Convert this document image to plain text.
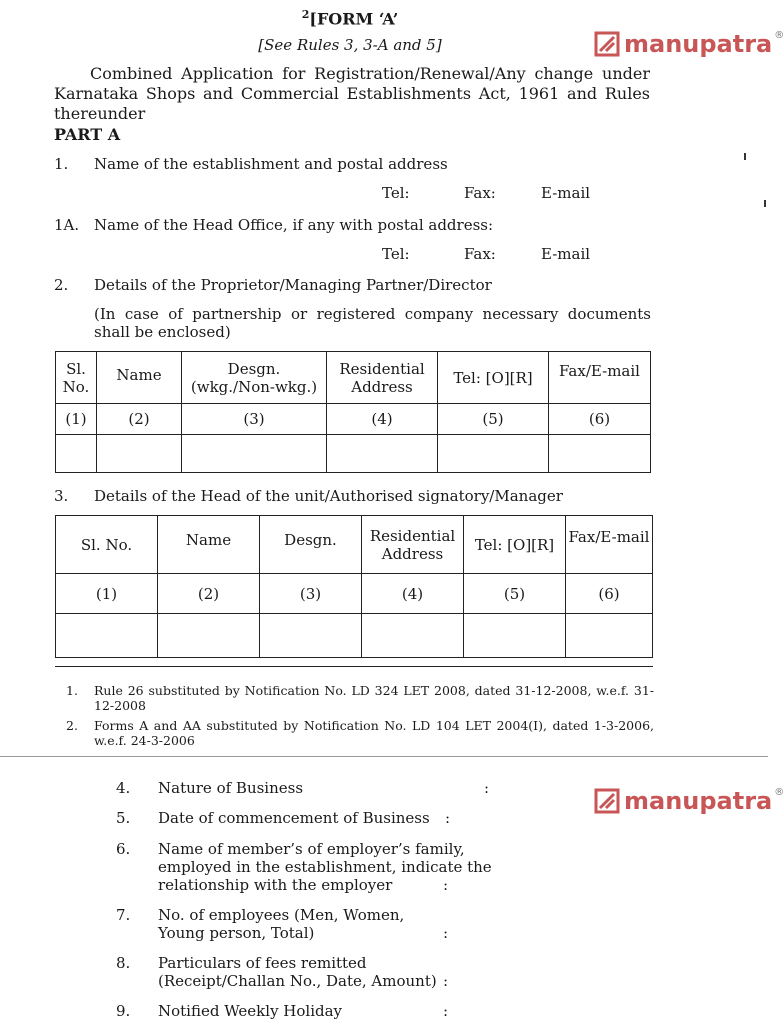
$^2$[FORM ‘A’
[See Rules 3, 3-A and 5]	manupatra ®
Combined Application for Registration/Renewal/Any change under Karnataka Shops and Commercial Establishments Act, 1961 and Rules thereunder
PART A
1. Name of the establishment and postal address
Tel:	Fax:	E-mail
1A. Name of the Head Office, if any with postal address:
Tel:	Fax:	E-mail
2. Details of the Proprietor/Managing Partner/Director
(In case of partnership or registered company necessary documents shall be enclosed)
Sl. No.	Name	Desgn. (wkg./Non-wkg.)	Residential Address	Tel: [O][R]	Fax/E-mail
(1)	(2)	(3)	(4)	(5)	(6)

3. Details of the Head of the unit/Authorised signatory/Manager
Sl. No.	Name	Desgn.	Residential Address	Tel: [O][R]	Fax/E-mail
(1)	(2)	(3)	(4)	(5)	(6)

1. Rule 26 substituted by Notification No. LD 324 LET 2008, dated 31-12-2008, w.e.f. 31-12-2008
2. Forms A and AA substituted by Notification No. LD 104 LET 2004(I), dated 1-3-2006, w.e.f. 24-3-2006
manupatra ®
4. Nature of Business	:
5. Date of commencement of Business :
6. Name of member’s of employer’s family, employed in the establishment, indicate the relationship with the employer	:
7. No. of employees (Men, Women, Young person, Total)	:
8. Particulars of fees remitted (Receipt/Challan No., Date, Amount) :
9. Notified Weekly Holiday	:
